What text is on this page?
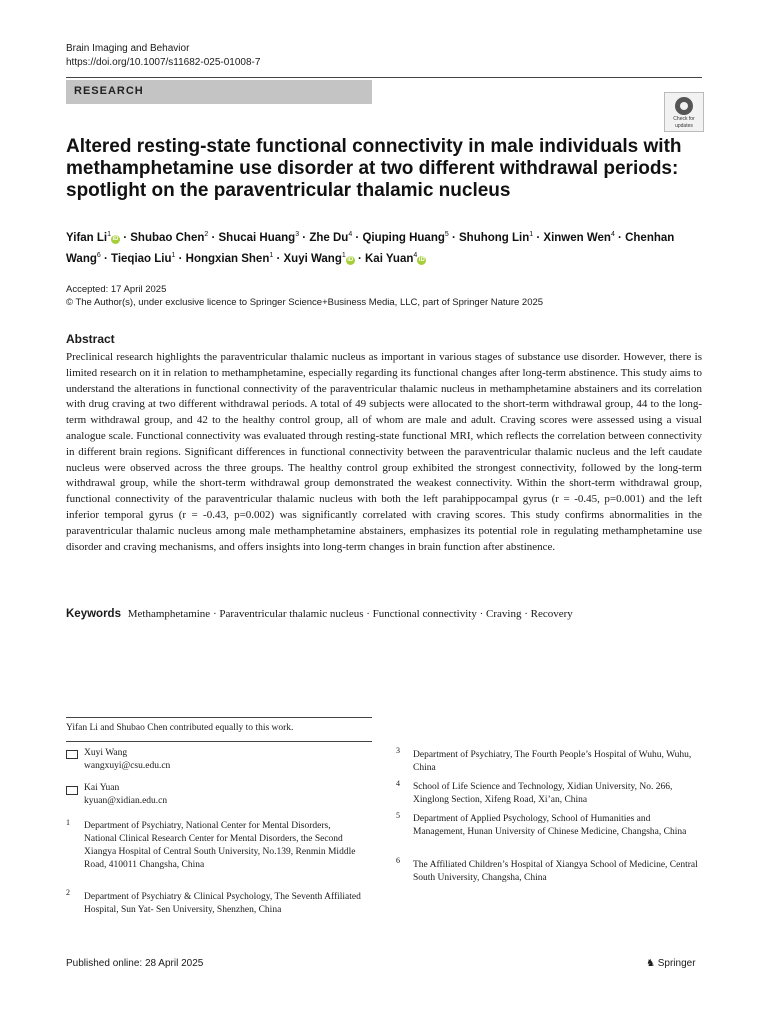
Brain Imaging and Behavior
https://doi.org/10.1007/s11682-025-01008-7
RESEARCH
Check for
updates
Altered resting-state functional connectivity in male individuals with methamphetamine use disorder at two different withdrawal periods: spotlight on the paraventricular thalamic nucleus
Yifan $Li^1iD$ · Shubao Chen$^2$ · Shucai Huang$^3$ · Zhe $Du^4$ · Qiuping Huang$^5$ · Shuhong Lin$^1$ · Xinwen Wen$^4$ · Chenhan Wang$^6$ · Tieqiao Liu$^1$ · Hongxian Shen$^1$ · Xuyi Wang$^1$iD · Kai Yuan$^4$iD
Accepted: 17 April 2025
© The Author(s), under exclusive licence to Springer Science+Business Media, LLC, part of Springer Nature 2025
Abstract
Preclinical research highlights the paraventricular thalamic nucleus as important in various stages of substance use disorder. However, there is limited research on it in relation to methamphetamine, especially regarding its functional changes after long-term abstinence. This study aims to understand the alterations in functional connectivity of the paraventricular thalamic nucleus in methamphetamine abstainers and its correlation with drug craving at two different withdrawal periods. A total of 49 subjects were allocated to the short-term withdrawal group, 44 to the long-term withdrawal group, and 42 to the healthy control group, all of whom are male and adult. Craving scores were assessed using a visual analogue scale. Functional connectivity was evaluated through resting-state functional MRI, which reflects the correlation between connectivity in different brain regions. Significant differences in functional connectivity between the paraventricular thalamic nucleus and the left caudate nucleus were observed across the three groups. The healthy control group exhibited the strongest connectivity, followed by the long-term withdrawal group, while the short-term withdrawal group demonstrated the weakest connectivity. Within the short-term withdrawal group, functional connectivity of the paraventricular thalamic nucleus with both the left parahippocampal gyrus (r = -0.45, p=0.001) and the left inferior temporal gyrus (r = -0.43, p=0.002) was significantly correlated with craving scores. This study confirms abnormalities in the paraventricular thalamic nucleus among male methamphetamine abstainers, emphasizes its potential role in regulating methamphetamine use disorder and craving mechanisms, and offers insights into long-term changes in brain function after abstinence.
Keywords Methamphetamine · Paraventricular thalamic nucleus · Functional connectivity · Craving · Recovery
Yifan Li and Shubao Chen contributed equally to this work.
Xuyi Wang
wangxuyi@csu.edu.cn
Kai Yuan
kyuan@xidian.edu.cn
1 Department of Psychiatry, National Center for Mental Disorders, National Clinical Research Center for Mental Disorders, the Second Xiangya Hospital of Central South University, No.139, Renmin Middle Road, 410011 Changsha, China
2 Department of Psychiatry & Clinical Psychology, The Seventh Affiliated Hospital, Sun Yat- Sen University, Shenzhen, China
3 Department of Psychiatry, The Fourth People’s Hospital of Wuhu, Wuhu, China
4 School of Life Science and Technology, Xidian University, No. 266, Xinglong Section, Xifeng Road, Xi’an, China
5 Department of Applied Psychology, School of Humanities and Management, Hunan University of Chinese Medicine, Changsha, China
6 The Affiliated Children’s Hospital of Xiangya School of Medicine, Central South University, Changsha, China
Published online: 28 April 2025	♞ Springer
